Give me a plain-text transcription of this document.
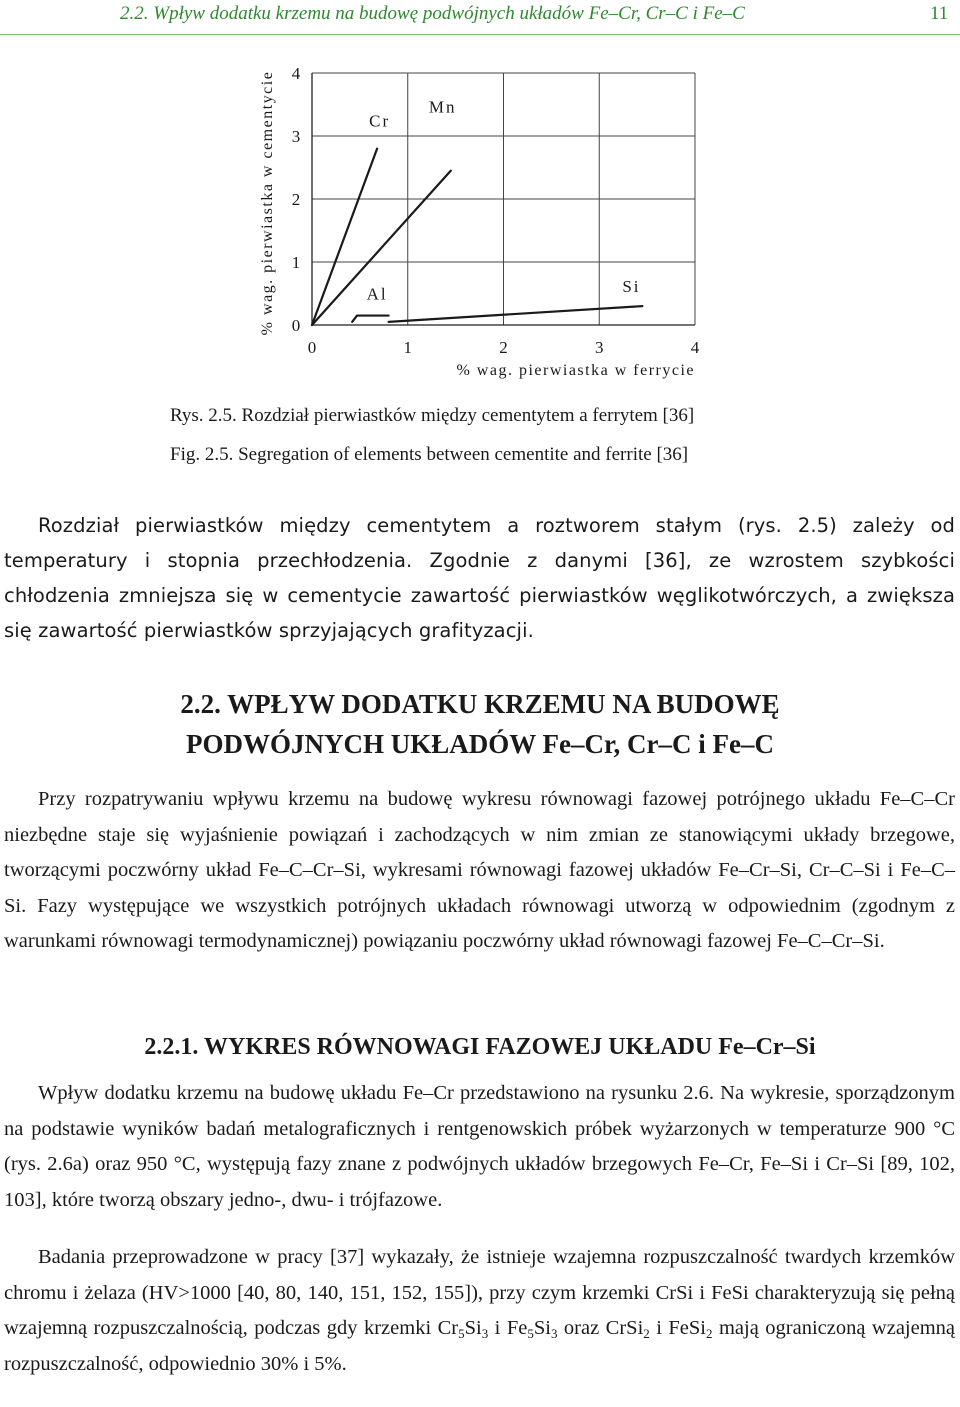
2.2. Wpływ dodatku krzemu na budowę podwójnych układów Fe–Cr, Cr–C i Fe–C	11
0	1	2	3	4
0
1
2
3
4
% wag. pierwiastka w ferrycie
% wag. pierwiastka w cementycie	Cr
Mn
Al	Si
Rys. 2.5. Rozdział pierwiastków między cementytem a ferrytem [36]
Fig. 2.5. Segregation of elements between cementite and ferrite [36]

Rozdział pierwiastków między cementytem a roztworem stałym (rys. 2.5) zależy od temperatury i stopnia przechłodzenia. Zgodnie z danymi [36], ze wzrostem szybkości chłodzenia zmniejsza się w cementycie zawartość pierwiastków węglikotwórczych, a zwiększa się zawartość pierwiastków sprzyjających grafityzacji.

2.2. WPŁYW DODATKU KRZEMU NA BUDOWĘ
PODWÓJNYCH UKŁADÓW Fe–Cr, Cr–C i Fe–C

Przy rozpatrywaniu wpływu krzemu na budowę wykresu równowagi fazowej potrójnego układu Fe–C–Cr niezbędne staje się wyjaśnienie powiązań i zachodzących w nim zmian ze stanowiącymi układy brzegowe, tworzącymi poczwórny układ Fe–C–Cr–Si, wykresami równowagi fazowej układów Fe–Cr–Si, Cr–C–Si i Fe–C–Si. Fazy występujące we wszystkich potrójnych układach równowagi utworzą w odpowiednim (zgodnym z warunkami równowagi termodynamicznej) powiązaniu poczwórny układ równowagi fazowej Fe–C–Cr–Si.

2.2.1. WYKRES RÓWNOWAGI FAZOWEJ UKŁADU Fe–Cr–Si

Wpływ dodatku krzemu na budowę układu Fe–Cr przedstawiono na rysunku 2.6. Na wykresie, sporządzonym na podstawie wyników badań metalograficznych i rentgenowskich próbek wyżarzonych w temperaturze 900 °C (rys. 2.6a) oraz 950 °C, występują fazy znane z podwójnych układów brzegowych Fe–Cr, Fe–Si i Cr–Si [89, 102, 103], które tworzą obszary jedno-, dwu- i trójfazowe.

Badania przeprowadzone w pracy [37] wykazały, że istnieje wzajemna rozpuszczalność twardych krzemków chromu i żelaza (HV>1000 [40, 80, 140, 151, 152, 155]), przy czym krzemki CrSi i FeSi charakteryzują się pełną wzajemną rozpuszczalnością, podczas gdy krzemki $Cr_5Si_3$ i $Fe_5Si_3$ oraz CrSi$_2$ i FeSi$_2$ mają ograniczoną wzajemną rozpuszczalność, odpowiednio 30% i 5%.
